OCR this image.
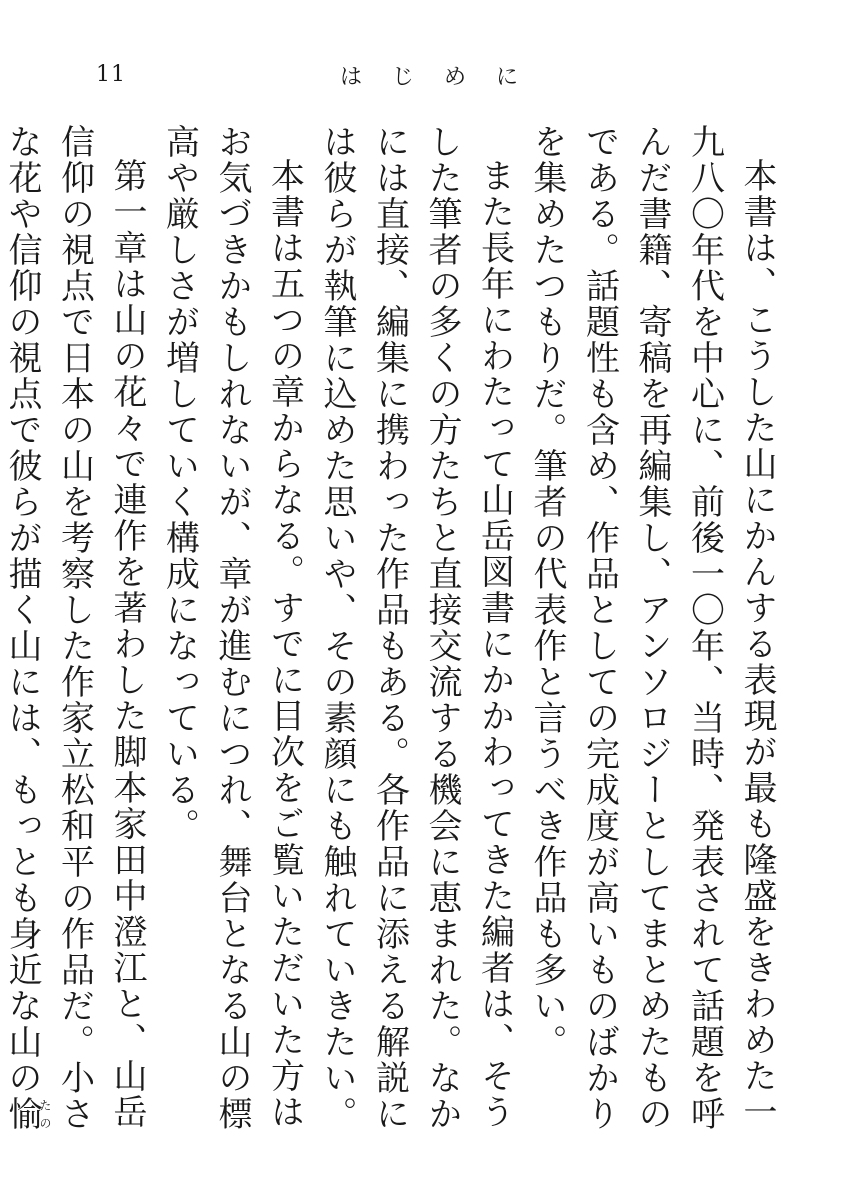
11	はじめに

本書は、こうした山にかんする表現が最も隆盛をきわめた一九八〇年代を中心に、前後一〇年、当時、発表されて話題を呼んだ書籍、寄稿を再編集し、アンソロジーとしてまとめたものである。話題性も含め、作品としての完成度が高いものばかりを集めたつもりだ。筆者の代表作と言うべき作品も多い。

また長年にわたって山岳図書にかかわってきた編者は、そうした筆者の多くの方たちと直接交流する機会に恵まれた。なかには直接、編集に携わった作品もある。各作品に添える解説には彼らが執筆に込めた思いや、その素顔にも触れていきたい。

本書は五つの章からなる。すでに目次をご覧いただいた方はお気づきかもしれないが、章が進むにつれ、舞台となる山の標高や厳しさが増していく構成になっている。

第一章は山の花々で連作を著わした脚本家田中澄江と、山岳信仰の視点で日本の山を考察した作家立松和平の作品だ。小さな花や信仰の視点で彼らが描く山には、もっとも身近な山の愉たの
